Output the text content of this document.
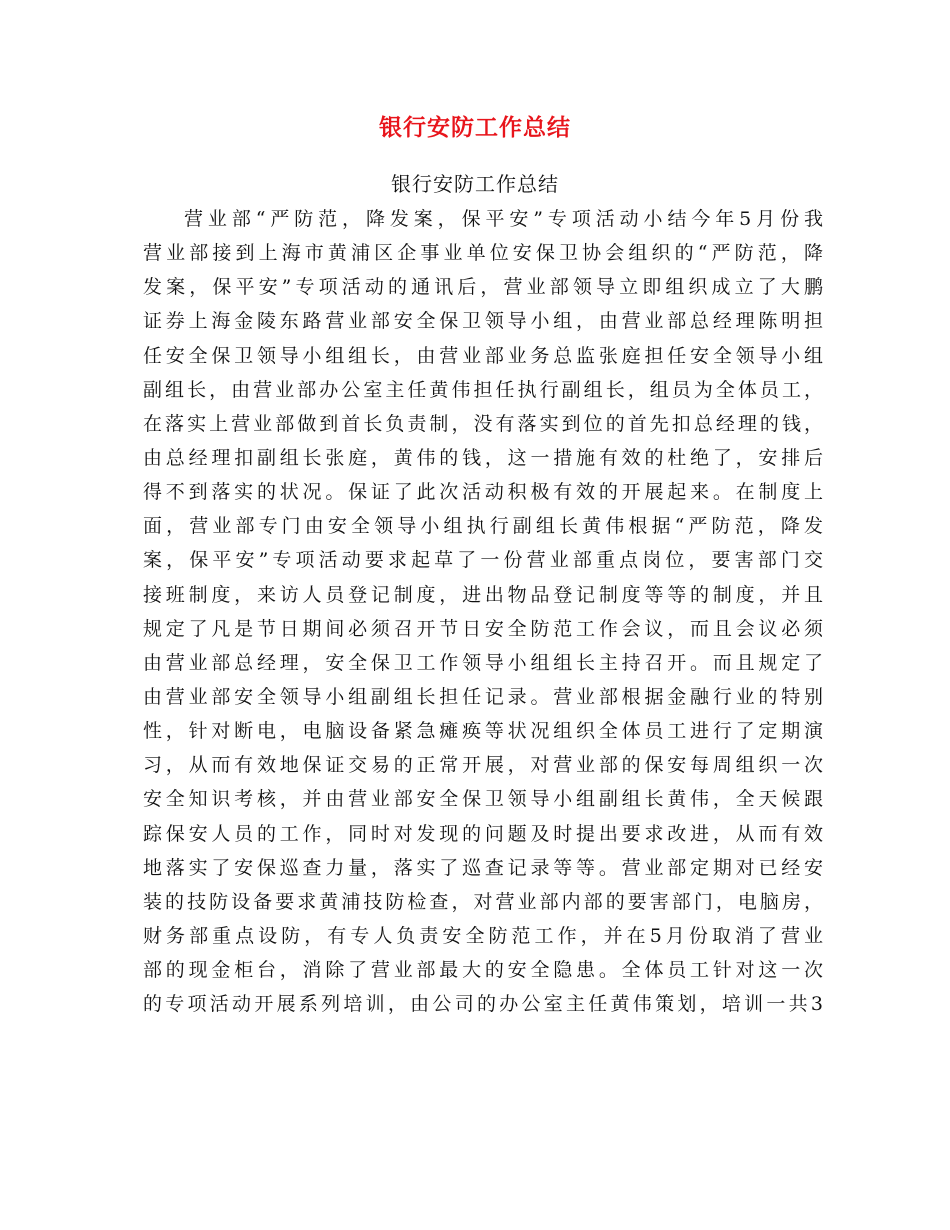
银行安防工作总结
银行安防工作总结
营业部“严防范，降发案，保平安”专项活动小结今年5月份我
营业部接到上海市黄浦区企事业单位安保卫协会组织的“严防范，降
发案，保平安”专项活动的通讯后，营业部领导立即组织成立了大鹏
证券上海金陵东路营业部安全保卫领导小组，由营业部总经理陈明担
任安全保卫领导小组组长，由营业部业务总监张庭担任安全领导小组
副组长，由营业部办公室主任黄伟担任执行副组长，组员为全体员工，
在落实上营业部做到首长负责制，没有落实到位的首先扣总经理的钱，
由总经理扣副组长张庭，黄伟的钱，这一措施有效的杜绝了，安排后
得不到落实的状况。保证了此次活动积极有效的开展起来。在制度上
面，营业部专门由安全领导小组执行副组长黄伟根据“严防范，降发
案，保平安”专项活动要求起草了一份营业部重点岗位，要害部门交
接班制度，来访人员登记制度，进出物品登记制度等等的制度，并且
规定了凡是节日期间必须召开节日安全防范工作会议，而且会议必须
由营业部总经理，安全保卫工作领导小组组长主持召开。而且规定了
由营业部安全领导小组副组长担任记录。营业部根据金融行业的特别
性，针对断电，电脑设备紧急瘫痪等状况组织全体员工进行了定期演
习，从而有效地保证交易的正常开展，对营业部的保安每周组织一次
安全知识考核，并由营业部安全保卫领导小组副组长黄伟，全天候跟
踪保安人员的工作，同时对发现的问题及时提出要求改进，从而有效
地落实了安保巡查力量，落实了巡查记录等等。营业部定期对已经安
装的技防设备要求黄浦技防检查，对营业部内部的要害部门，电脑房，
财务部重点设防，有专人负责安全防范工作，并在5月份取消了营业
部的现金柜台，消除了营业部最大的安全隐患。全体员工针对这一次
的专项活动开展系列培训，由公司的办公室主任黄伟策划，培训一共3
